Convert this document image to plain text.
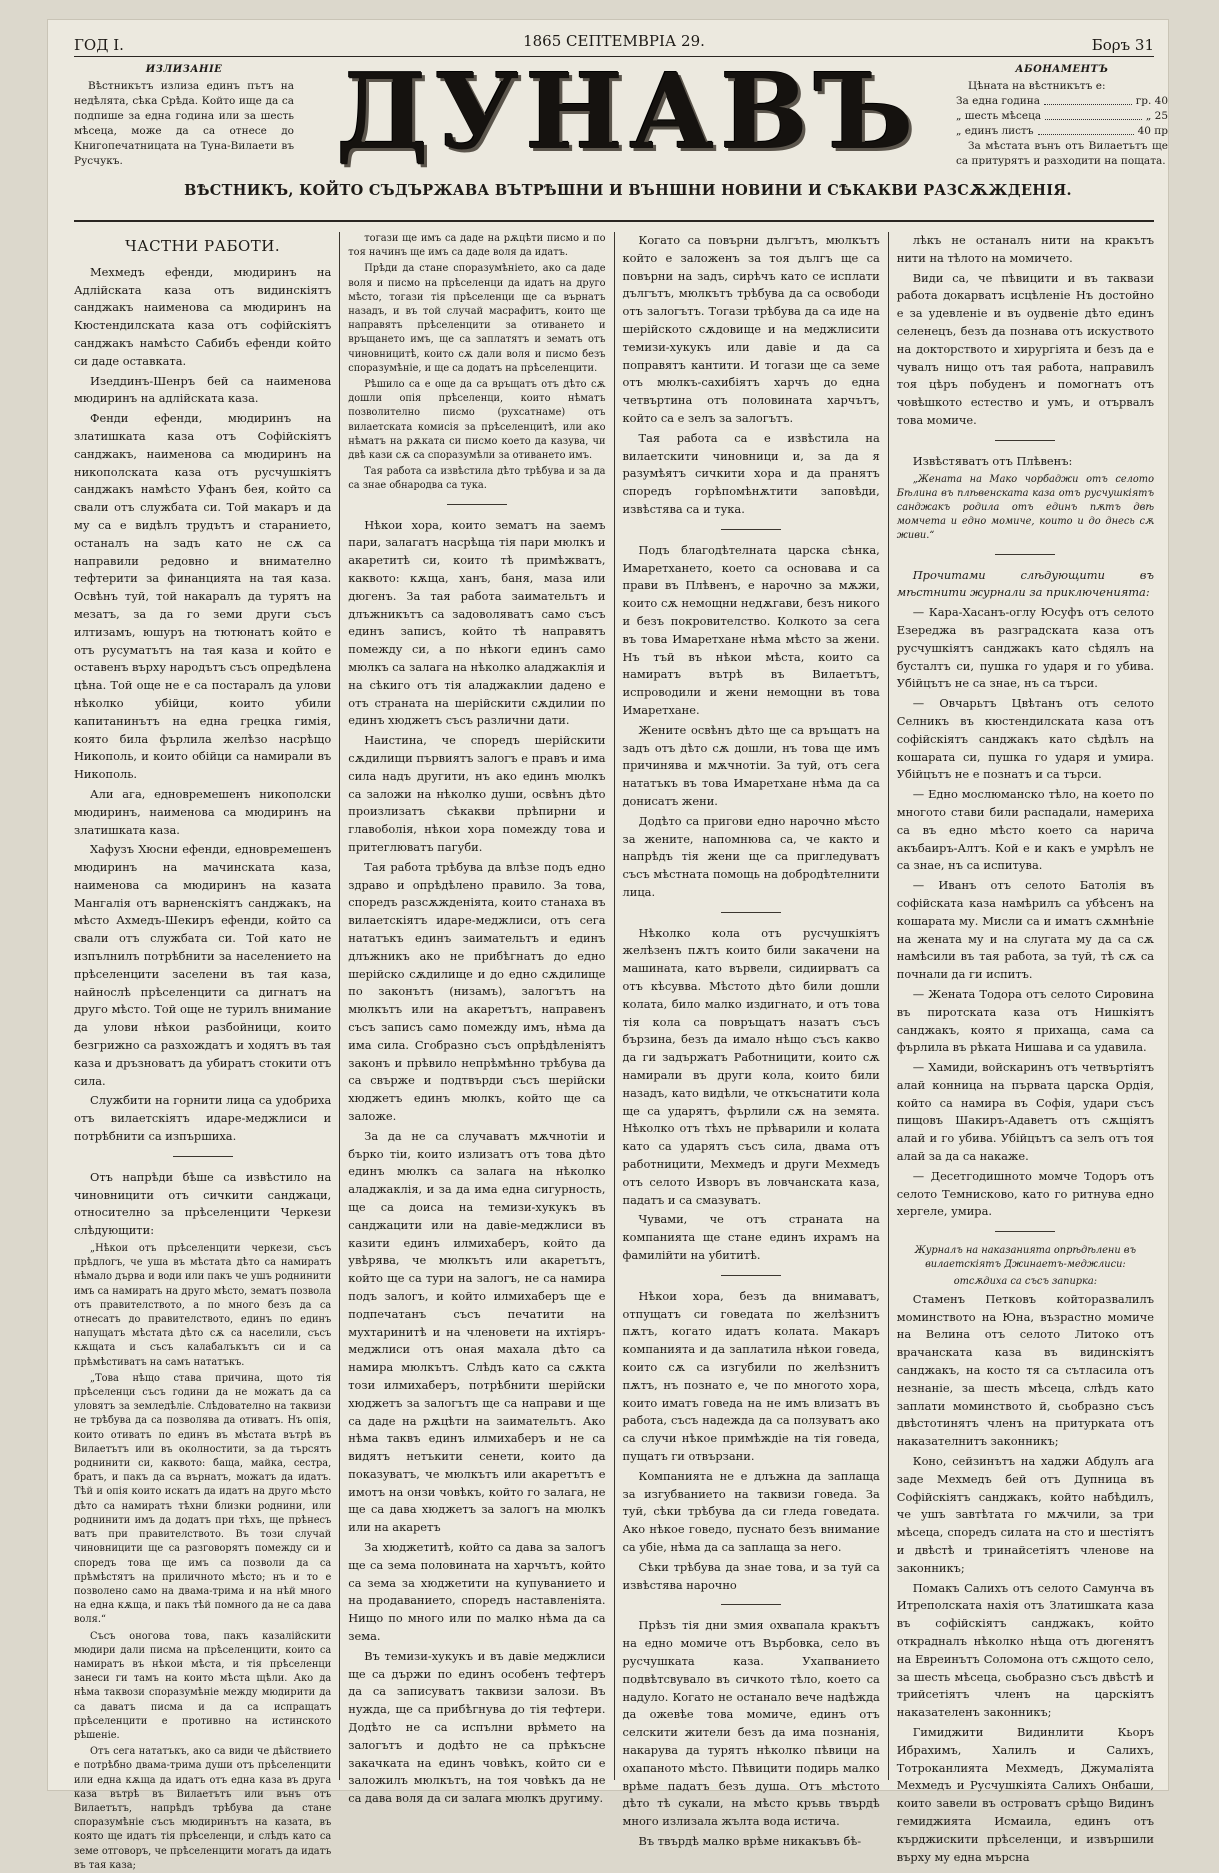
ГОД I.	1865 СЕПТЕМВРІА 29.	Бορъ 31
ИЗЛИЗАНІЕ

Вѣстникътъ излиза единъ пътъ на недѣлята, сѣка Срѣда. Който ище да са подпише за една година или за шесть мѣсеца, може да са отнесе до Книгопечатницата на Туна-Вилаети въ Русчукъ.	ДУНАВЪ
ВѢСТНИКЪ, КОЙТО СЪДЪРЖАВА ВЪТРѢШНИ И ВЪНШНИ НОВИНИ И СѢКАКВИ РАЗСѪЖДЕНІЯ.
АБОНАМЕНТЪ
Цѣната на вѣстникътъ е:
За една година	гр. 40
„ шесть мѣсеца	„ 25
„ единъ листъ	40 пр
За мѣстата вънъ отъ Вилаетътъ ще са притурятъ и разходити на пощата.
ЧАСТНИ РАБОТИ.

Мехмедъ ефенди, мюдиринъ на Адлійската каза отъ видинскіятъ санджакъ наименова са мюдиринъ на Кюстендилската каза отъ софійскіятъ санджакъ намѣсто Сабибъ ефенди който си даде оставката.

Изеддинъ-Шенръ бей са наименова мюдиринъ на адлійската каза.

Фенди ефенди, мюдиринъ на златишката каза отъ Софійскіятъ санджакъ, наименова са мюдиринъ на никополската каза отъ русчушкіятъ санджакъ намѣсто Уфанъ бея, който са свали отъ службата си. Той макаръ и да му са е видѣлъ трудътъ и старанието, останалъ на задъ като не сѫ са направили редовно и внимателно тефтерити за финанцията на тая каза. Освѣнъ туй, той накаралъ да турятъ на мезатъ, за да го земи други съсъ илтизамъ, юшуръ на тютюнатъ който е отъ русуматътъ на тая каза и който е оставенъ върху народътъ съсъ опредѣлена цѣна. Той още не е са постаралъ да улови нѣколко убійци, които убили капитанинътъ на една грецка гимія, която била фърлила желѣзо насрѣщо Никополь, и които обійци са намирали въ Никополь.

Али ага, едновремешенъ никополски мюдиринъ, наименова са мюдиринъ на златишката каза.

Хафузъ Хюсни ефенди, едновремешенъ мюдиринъ на мачинската каза, наименова са мюдиринъ на казата Мангалія отъ варненскіятъ санджакъ, на мѣсто Ахмедъ-Шекиръ ефенди, който са свали отъ службата си. Той като не изпълнилъ потрѣбнити за населението на прѣселенцити заселени въ тая каза, найнослѣ прѣселенцити са дигнатъ на друго мѣсто. Той още не турилъ внимание да улови нѣкои разбойници, които безгрижно са разхождатъ и ходятъ въ тая каза и дръзноватъ да убиратъ стокити отъ сила.

Службити на горнити лица са удобриха отъ вилаетскіятъ идаре-меджлиси и потрѣбнити са изпършиха.

Отъ напрѣди бѣше са извѣстило на чиновницити отъ сичкити санджаци, относително за прѣселенцити Черкези слѣдующити:

„Нѣкои отъ прѣселенцити черкези, съсъ прѣдлогъ, че уша въ мѣстата дѣто са намиратъ нѣмало дърва и води или пакъ че ушъ роднинити имъ са намиратъ на друго мѣсто, зематъ позвола отъ правителството, а по много безъ да са отнесатъ до правителството, единъ по единъ напущатъ мѣстата дѣто сѫ са населили, съсъ кѫщата и съсъ калабалъкътъ си и са прѣмѣстиватъ на самъ нататъкъ.

„Това нѣщо става причина, щото тія прѣселенци съсъ години да не можатъ да са уловятъ за земледѣліе. Слѣдователно на таквизи не трѣбува да са позволява да отиватъ. Нъ опія, които отиватъ по единъ въ мѣстата вътрѣ въ Вилаетътъ или въ околностити, за да търсятъ роднинити си, каквото: баща, майка, сестра, братъ, и пакъ да са върнатъ, можатъ да идатъ. Тѣй и опія които искатъ да идатъ на друго мѣсто дѣто са намиратъ тѣхни близки роднини, или роднинити имъ да додатъ при тѣхъ, ще прѣнесъ ватъ при правителството. Въ този случай чиновницити ще са разговорятъ помежду си и споредъ това ще имъ са позволи да са прѣмѣстятъ на приличното мѣсто; нъ и то е позволено само на двама-трима и на нѣй много на една кѫща, и пакъ тѣй помного да не са дава воля.“

Съсъ оногова това, пакъ казалійскити мюдири дали писма на прѣселенцити, които са намиратъ въ нѣкои мѣста, и тія прѣселенци занеси ги тамъ на които мѣста щѣли. Ако да нѣма таквози споразумѣніе между мюдирити да са даватъ писма и да са испращатъ прѣселенцити е противно на истинското рѣшеніе.

Отъ сега нататъкъ, ако са види че дѣйствието е потрѣбно двама-трима души отъ прѣселенцити или една кѫща да идатъ отъ една каза въ друга каза вътрѣ въ Вилаетътъ или вънъ отъ Вилаетътъ, напрѣдъ трѣбува да стане споразумѣніе съсъ мюдиринътъ на казата, въ която ще идатъ тія прѣселенци, и слѣдъ като са земе отговоръ, че прѣселенцити могатъ да идатъ въ тая каза;

тогази ще имъ са даде на рѫцѣти писмо и по тоя начинъ ще имъ са даде воля да идатъ.

Прѣди да стане споразумѣніето, ако са даде воля и писмо на прѣселенци да идатъ на друго мѣсто, тогази тія прѣселенци ще са върнатъ назадъ, и въ той случай масрафитъ, които ще направятъ прѣселенцити за отиването и връщането имъ, ще са заплатятъ и зематъ отъ чиновницитѣ, които сѫ дали воля и писмо безъ споразумѣніе, и ще са додатъ на прѣселенцити.

Рѣшило са е още да са връщатъ отъ дѣто сѫ дошли опія прѣселенци, които нѣматъ позволително писмо (рухсатнаме) отъ вилаетската комисія за прѣселенцитѣ, или ако нѣматъ на рѫката си писмо което да казува, чи двѣ кази сѫ са споразумѣли за отиването имъ.

Тая работа са извѣстила дѣто трѣбува и за да са знае обнародва са тука.

Нѣкои хора, които зематъ на заемъ пари, залагатъ насрѣща тія пари мюлкъ и акаретитѣ си, които тѣ примѣжватъ, каквото: кѫща, ханъ, баня, маза или дюгенъ. За тая работа заимательтъ и длъжникътъ са задоволяватъ само съсъ единъ записъ, който тѣ направятъ помежду си, а по нѣкоги единъ само мюлкъ са залага на нѣколко аладжаклія и на сѣкиго отъ тія аладжаклии дадено е отъ страната на шерійскити сѫдилии по единъ хюджетъ съсъ различни дати.

Наистина, че споредъ шерійскити сѫдилищи първиятъ залогъ е правъ и има сила надъ другити, нъ ако единъ мюлкъ са заложи на нѣколко души, освѣнъ дѣто произлизатъ сѣкакви прѣпирни и главоболія, нѣкои хора помежду това и притеглюватъ пагуби.

Тая работа трѣбува да влѣзе подъ едно здраво и опрѣдѣлено правило. За това, споредъ разсѫжденіята, които станаха въ вилаетскіятъ идаре-меджлиси, отъ сега нататъкъ единъ заимательтъ и единъ длъжникъ ако не прибѣгнатъ до едно шерійско сѫдилище и до едно сѫдилище по законътъ (низамъ), залогътъ на мюлкътъ или на акаретътъ, направенъ съсъ записъ само помежду имъ, нѣма да има сила. Сгобразно съсъ опрѣдѣленіятъ законъ и прѣвило непрѣмѣнно трѣбува да са свърже и подтвърди съсъ шерійски хюджетъ единъ мюлкъ, който ще са заложе.

За да не са случаватъ мѫчнотіи и бърко тіи, които излизатъ отъ това дѣто единъ мюлкъ са залага на нѣколко аладжаклія, и за да има една сигурность, ще са доиса на темизи-хукукъ въ санджацити или на давіе-меджлиси въ казити единъ илмихаберъ, който да увѣрява, че мюлкътъ или акаретътъ, който ще са тури на залогъ, не са намира подъ залогъ, и който илмихаберъ ще е подпечатанъ съсъ печатити на мухтаринитѣ и на членовети на ихтіяръ-меджлиси отъ оная махала дѣто са намира мюлкътъ. Слѣдъ като са сѫкта този илмихаберъ, потрѣбнити шерійски хюджетъ за залогътъ ще са направи и ще са даде на рѫцѣти на заимательтъ. Ако нѣма таквъ единъ илмихаберъ и не са видятъ нетъкити сенети, които да показуватъ, че мюлкътъ или акаретътъ е имотъ на онзи човѣкъ, който го залага, не ще са дава хюджетъ за залогъ на мюлкъ или на акаретъ

За хюджетитѣ, който са дава за залогъ ще са зема половината на харчътъ, който са зема за хюджетити на купуванието и на продаванието, споредъ наставленіята. Нищо по много или по малко нѣма да са зема.

Въ темизи-хукукъ и въ давіе меджлиси ще са държи по единъ особенъ тефтеръ да са записуватъ таквизи залози. Въ нужда, ще са прибѣгнува до тія тефтери. Додѣто не са испълни врѣмето на залогътъ и додѣто не са прѣкъсне закачката на единъ човѣкъ, който си е заложилъ мюлкътъ, на тоя човѣкъ да не са дава воля да си залага мюлкъ другиму.

Когато са повърни дългътъ, мюлкътъ който е заложенъ за тоя дългъ ще са повърни на задъ, сирѣчъ като се исплати дългътъ, мюлкътъ трѣбува да са освободи отъ залогътъ. Тогази трѣбува да са иде на шерійското сѫдовище и на меджлисити темизи-хукукъ или давіе и да са поправятъ кантити. И тогази ще са земе отъ мюлкъ-сахибіятъ харчъ до една четвъртина отъ половината харчътъ, който са е зелъ за залогътъ.

Тая работа са е извѣстила на вилаетскити чиновници и, за да я разумѣятъ сичкити хора и да пранятъ споредъ горѣпомѣнѫтити заповѣди, извѣстява са и тука.

Подъ благодѣтелната царска сѣнка, Имаретхането, което са основава и са прави въ Плѣвенъ, е нарочно за мѫжи, които сѫ немощни недѫгави, безъ никого и безъ покровителство. Колкото за сега въ това Имаретхане нѣма мѣсто за жени. Нъ тъй въ нѣкои мѣста, които са намиратъ вътрѣ въ Вилаетътъ, испроводили и жени немощни въ това Имаретхане.

Жените освѣнъ дѣто ще са връщатъ на задъ отъ дѣто сѫ дошли, нъ това ще имъ причинява и мѫчнотіи. За туй, отъ сега нататъкъ въ това Имаретхане нѣма да са донисатъ жени.

Додѣто са пригови едно нарочно мѣсто за жените, напомнюва са, че както и напрѣдъ тія жени ще са пригледуватъ съсъ мѣстната помощь на добродѣтелнити лица.

Нѣколко кола отъ русчушкіятъ желѣзенъ пѫтъ които били закачени на машината, като вървели, сидиирватъ са отъ кѣсувва. Мѣстото дѣто били дошли колата, било малко издигнато, и отъ това тія кола са повръщатъ назатъ съсъ бързина, безъ да имало нѣщо съсъ какво да ги задържатъ Работницити, които сѫ намирали въ други кола, които били назадъ, като видѣли, че откъснатити кола ще са ударятъ, фърлили сѫ на земята. Нѣколко отъ тѣхъ не прѣварили и колата като са ударятъ съсъ сила, двама отъ работницити, Мехмедъ и други Мехмедъ отъ селото Изворъ въ ловчанската каза, падатъ и са смазуватъ.

Чувами, че отъ страната на компанията ще стане единъ ихрамъ на фамилійти на убититѣ.

Нѣкои хора, безъ да внимаватъ, отпущатъ си говедата по желѣзнитъ пѫтъ, когато идатъ колата. Макаръ компанията и да заплатила нѣкои говеда, които сѫ са изгубили по желѣзнитъ пѫтъ, нъ познато е, че по многото хора, които иматъ говеда на не имъ влизатъ въ работа, съсъ надежда да са ползуватъ ако са случи нѣкое примѣждіе на тія говеда, пущатъ ги отвързани.

Компанията не е длъжна да заплаща за изгубванието на таквизи говеда. За туй, сѣки трѣбува да си гледа говедата. Ако нѣкое говедо, пуснато безъ внимание са убіе, нѣма да са заплаща за него.

Сѣки трѣбува да знае това, и за туй са извѣстява нарочно

Прѣзъ тія дни змия охвапала кракътъ на едно момиче отъ Върбовка, село въ русчушката каза. Ухапванието подвѣтсвувало въ сичкото тѣло, което са надуло. Когато не останало вече надѣжда да ожевѣе това момиче, единъ отъ селскити жители безъ да има познанія, накарува да турятъ нѣколко пѣвици на охапаното мѣсто. Пѣвицити подирь малко врѣме падатъ безъ душа. Отъ мѣстото дѣто тѣ сукали, на мѣсто кръвь твърдѣ много излизала жълта вода истича.

Въ твърдѣ малко врѣме никакъвъ бѣ-

лѣкъ не останалъ нити на кракътъ нити на тѣлото на момичето.

Види са, че пѣвицити и въ таквази работа докарватъ исцѣленіе Нъ достойно е за удевленіе и въ оудвеніе дѣто единъ селенецъ, безъ да познава отъ искуството на докторството и хирургіята и безъ да е чувалъ нищо отъ тая работа, направилъ тоя цѣръ побуденъ и помогнатъ отъ човѣшкото естество и умъ, и отървалъ това момиче.

Извѣстяватъ отъ Плѣвенъ:

„Жената на Мако чорбаджи отъ селото Бѣлина въ плѣвенската каза отъ русчушкіятъ санджакъ родила отъ единъ пѫтъ двѣ момчета и едно момиче, които и до днесь сѫ живи.“

Прочитами слѣдующити въ мѣстнити журнали за приключенията:

— Кара-Хасанъ-оглу Юсуфъ отъ селото Езереджа въ разградската каза отъ русчушкіятъ санджакъ като сѣдялъ на бусталтъ си, пушка го ударя и го убива. Убійцътъ не са знае, нъ са търси.

— Овчарьтъ Цвѣтанъ отъ селото Селникъ въ кюстендилската каза отъ софійскіятъ санджакъ като сѣдѣлъ на кошарата си, пушка го ударя и умира. Убійцътъ не е познатъ и са търси.

— Едно мослюманско тѣло, на което по многото стави били распадали, намериха са въ едно мѣсто което са нарича акъбаиръ-Алтъ. Кой е и какъ е умрѣлъ не са знае, нъ са испитува.

— Иванъ отъ селото Батолія въ софійската каза намѣрилъ са убѣсенъ на кошарата му. Мисли са и иматъ сѫмнѣніе на жената му и на слугата му да са сѫ намѣсили въ тая работа, за туй, тѣ сѫ са почнали да ги испитъ.

— Жената Тодора отъ селото Сировина въ пиротската каза отъ Нишкіятъ санджакъ, която я прихаща, сама са фърлила въ рѣката Нишава и са удавила.

— Хамиди, войскаринъ отъ четвъртіятъ алай конница на първата царска Ордія, който са намира въ Софія, удари съсъ пищовъ Шакиръ-Адаветъ отъ сѫщіятъ алай и го убива. Убійцътъ са зелъ отъ тоя алай за да са накаже.

— Десетгодишното момче Тодоръ отъ селото Темнисково, като го ритнува едно хергеле, умира.

Журналъ на наказанията опрѣдѣлени въ вилаетскіятъ Джинаетъ-меджлиси:

отсѫдиха са съсъ запирка:

Стаменъ Петковъ койторазвалилъ моминството на Юна, възрастно момиче на Велина отъ селото Литоко отъ врачанската каза въ видинскіятъ санджакъ, на косто тя са сътласила отъ незнаніе, за шесть мѣсеца, слѣдъ като заплати моминството й, сьобразно съсъ двѣстотинятъ членъ на притурката отъ наказателнитъ законникъ;

Коно, сейзинътъ на хаджи Абдулъ ага заде Мехмедъ бей отъ Дупница въ Софійскіятъ санджакъ, който набѣдилъ, че ушъ завтѣтата го мѫчили, за три мѣсеца, споредъ силата на сто и шестіятъ и двѣстѣ и тринайсетіятъ членове на законникъ;

Помакъ Салихъ отъ селото Самунча въ Итреполската нахія отъ Златишката каза въ софійскіятъ санджакъ, който открадналъ нѣколко нѣща отъ дюгенятъ на Евреинътъ Соломона отъ сѫщото село, за шесть мѣсеца, сьобразно съсъ двѣстѣ и трийсетіятъ членъ на царскіятъ наказателенъ законникъ;

Гимиджити Видинлити Кьоръ Ибрахимъ, Халилъ и Салихъ, Тотроканлията Мехмедъ, Джумаліята Мехмедъ и Русчушкіята Салихъ Онбаши, които завели въ островатъ срѣщо Видинъ гемиджията Исмаила, единъ отъ кърджискити прѣселенци, и извършили върху му една мърсна
